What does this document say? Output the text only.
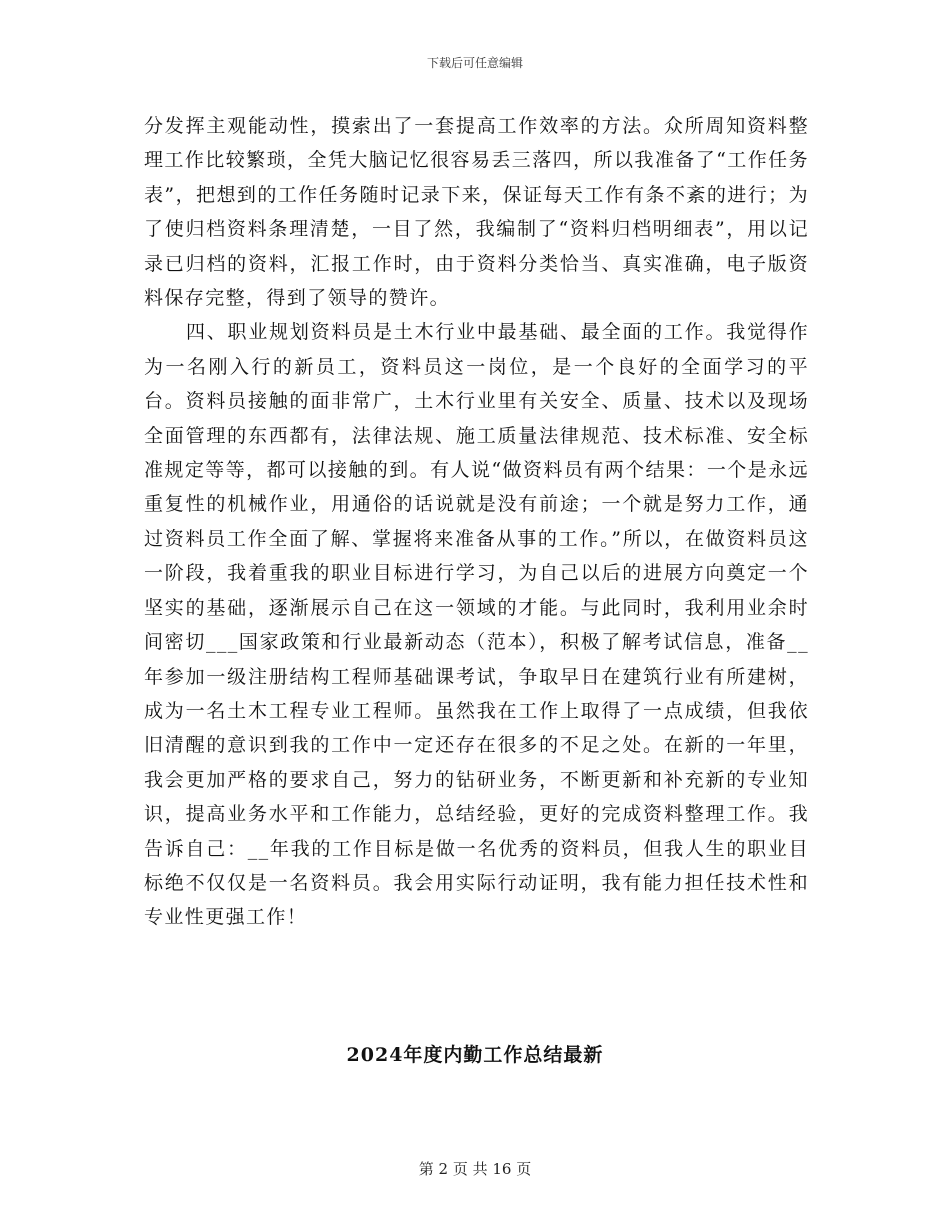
下载后可任意编辑

分发挥主观能动性，摸索出了一套提高工作效率的方法。众所周知资料整理工作比较繁琐，全凭大脑记忆很容易丢三落四，所以我准备了“工作任务表”，把想到的工作任务随时记录下来，保证每天工作有条不紊的进行；为了使归档资料条理清楚，一目了然，我编制了“资料归档明细表”，用以记录已归档的资料，汇报工作时，由于资料分类恰当、真实准确，电子版资料保存完整，得到了领导的赞许。

四、职业规划资料员是土木行业中最基础、最全面的工作。我觉得作为一名刚入行的新员工，资料员这一岗位，是一个良好的全面学习的平台。资料员接触的面非常广，土木行业里有关安全、质量、技术以及现场全面管理的东西都有，法律法规、施工质量法律规范、技术标准、安全标准规定等等，都可以接触的到。有人说“做资料员有两个结果：一个是永远重复性的机械作业，用通俗的话说就是没有前途；一个就是努力工作，通过资料员工作全面了解、掌握将来准备从事的工作。”所以，在做资料员这一阶段，我着重我的职业目标进行学习，为自己以后的进展方向奠定一个坚实的基础，逐渐展示自己在这一领域的才能。与此同时，我利用业余时间密切___国家政策和行业最新动态（范本），积极了解考试信息，准备__年参加一级注册结构工程师基础课考试，争取早日在建筑行业有所建树，成为一名土木工程专业工程师。虽然我在工作上取得了一点成绩，但我依旧清醒的意识到我的工作中一定还存在很多的不足之处。在新的一年里，我会更加严格的要求自己，努力的钻研业务，不断更新和补充新的专业知识，提高业务水平和工作能力，总结经验，更好的完成资料整理工作。我告诉自己：__年我的工作目标是做一名优秀的资料员，但我人生的职业目标绝不仅仅是一名资料员。我会用实际行动证明，我有能力担任技术性和专业性更强工作！

2024年度内勤工作总结最新
第 2 页 共 16 页
